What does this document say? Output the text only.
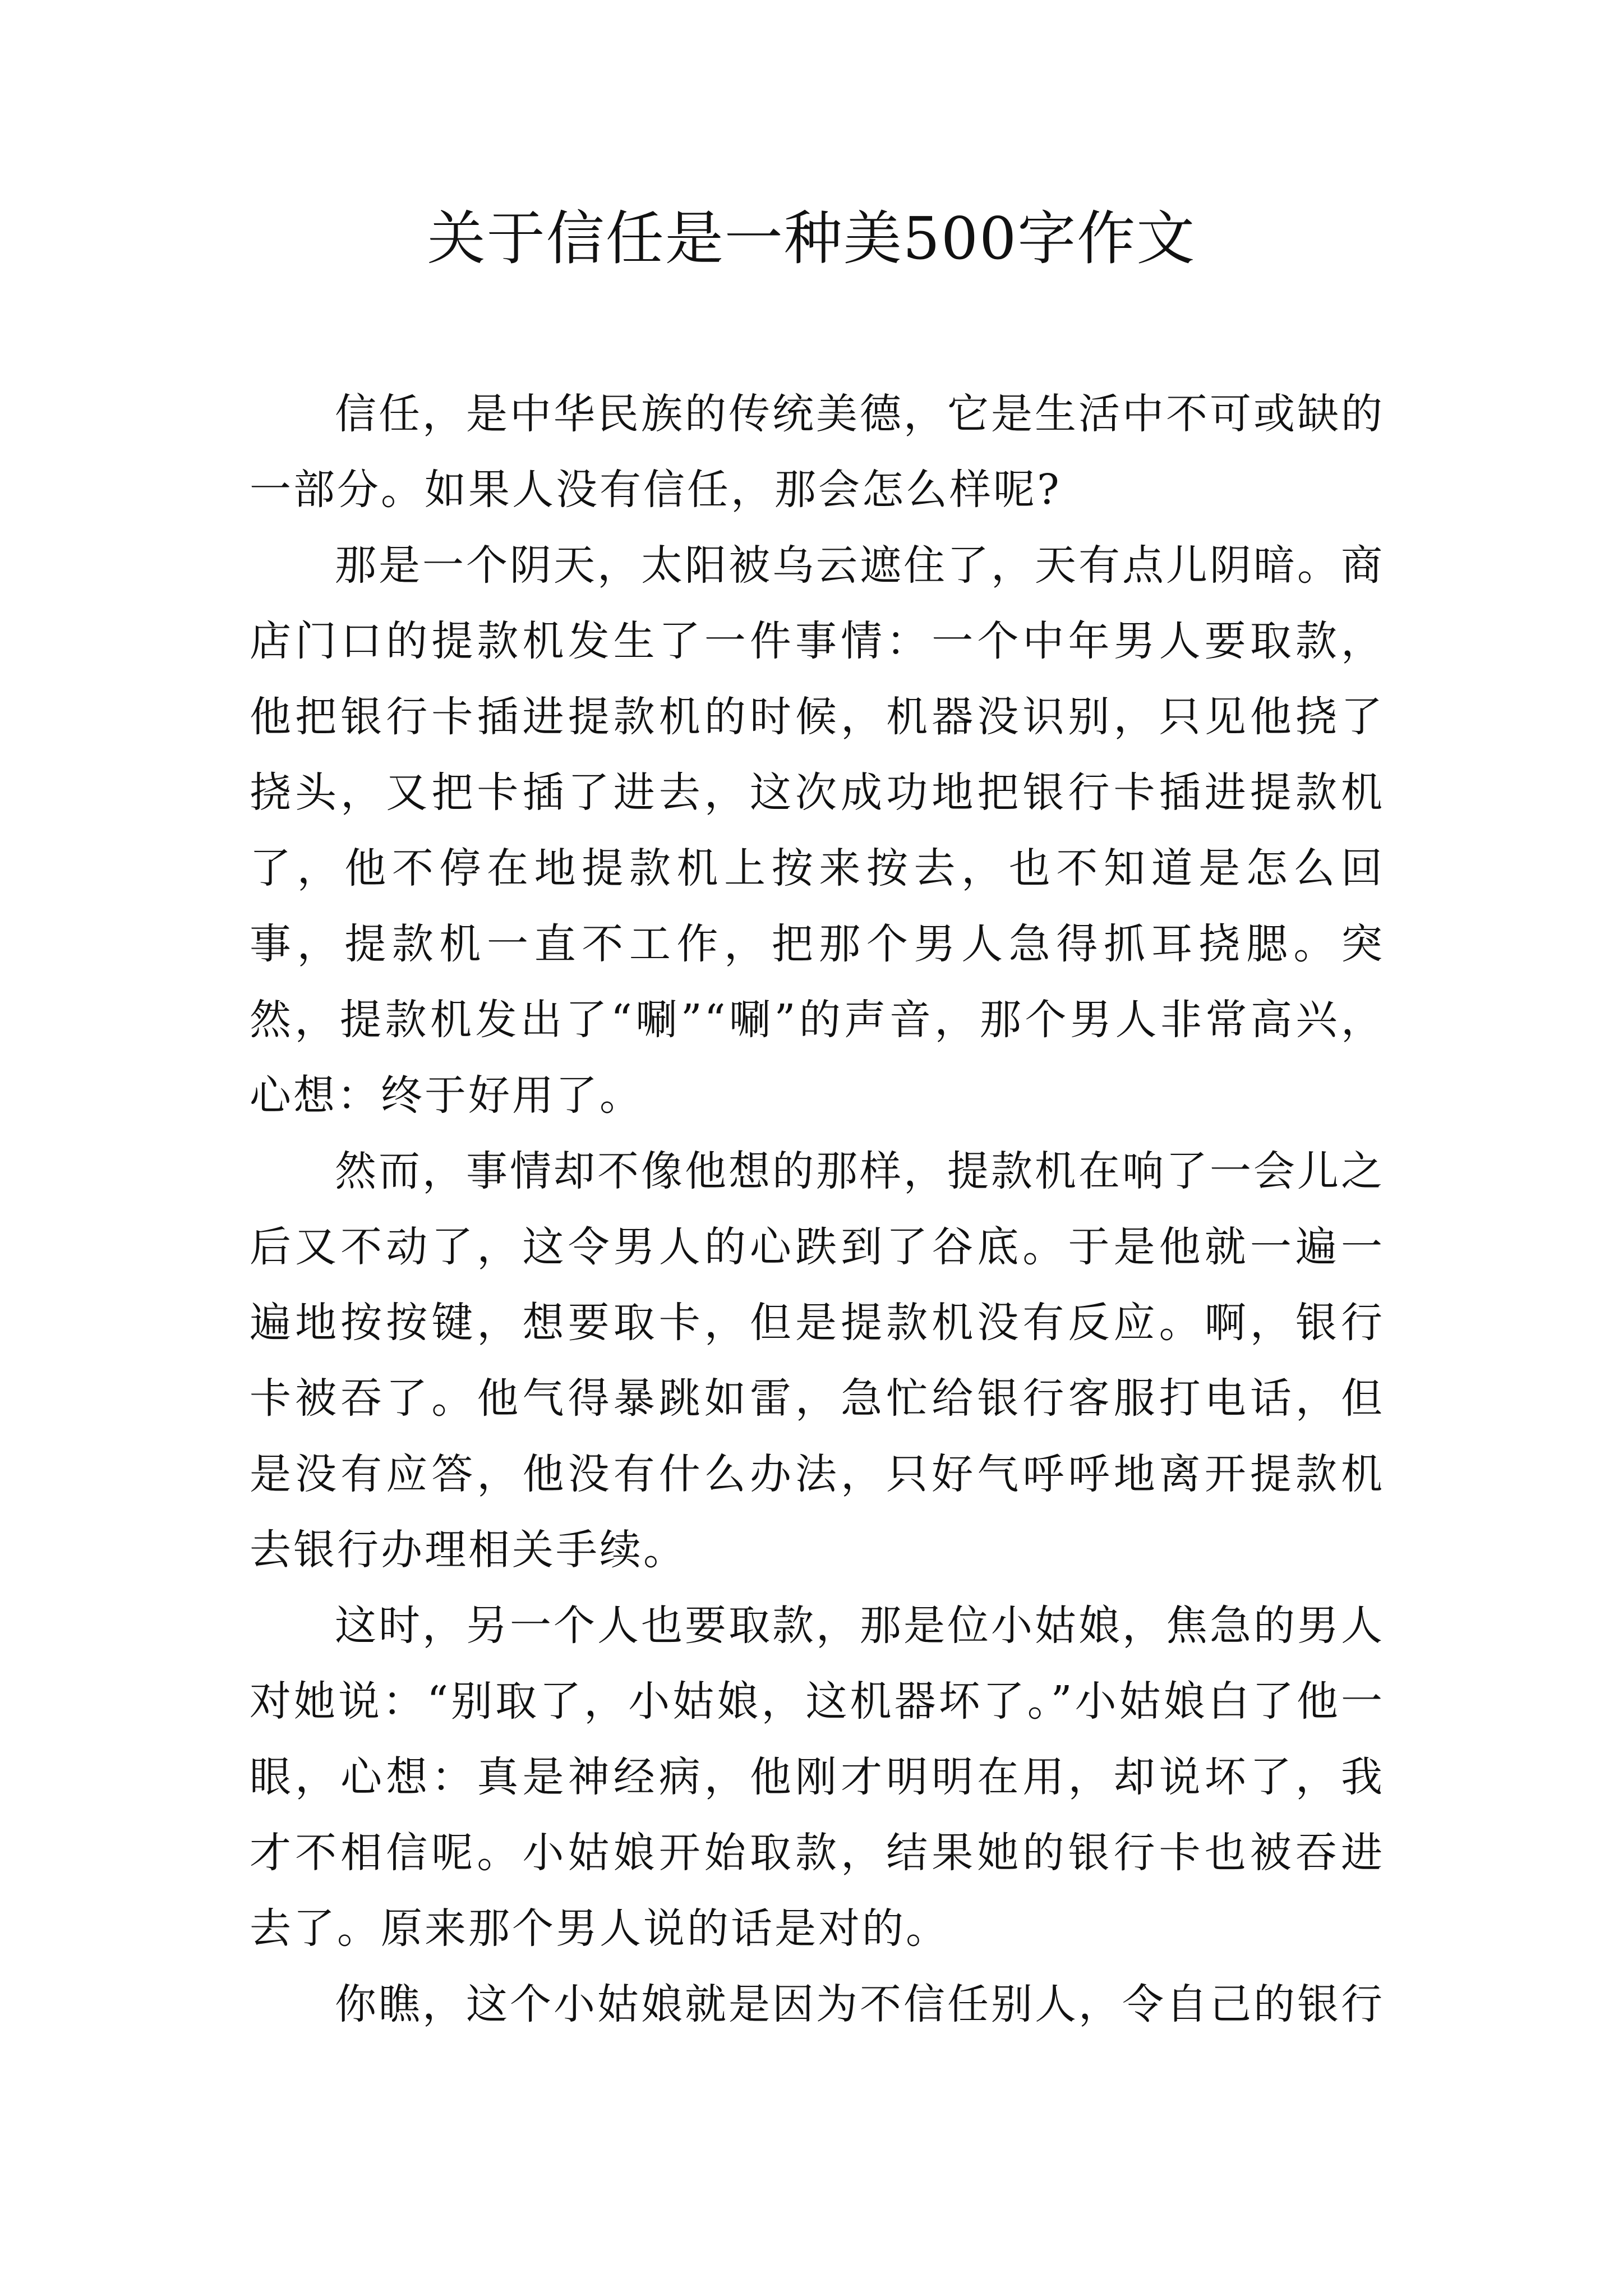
关于信任是一种美500字作文

信任，是中华民族的传统美德，它是生活中不可或缺的一部分。如果人没有信任，那会怎么样呢?

那是一个阴天，太阳被乌云遮住了，天有点儿阴暗。商店门口的提款机发生了一件事情：一个中年男人要取款，他把银行卡插进提款机的时候，机器没识别，只见他挠了挠头，又把卡插了进去，这次成功地把银行卡插进提款机了，他不停在地提款机上按来按去，也不知道是怎么回事，提款机一直不工作，把那个男人急得抓耳挠腮。突然，提款机发出了“唰”“唰”的声音，那个男人非常高兴，心想：终于好用了。

然而，事情却不像他想的那样，提款机在响了一会儿之后又不动了，这令男人的心跌到了谷底。于是他就一遍一遍地按按键，想要取卡，但是提款机没有反应。啊，银行卡被吞了。他气得暴跳如雷，急忙给银行客服打电话，但是没有应答，他没有什么办法，只好气呼呼地离开提款机去银行办理相关手续。

这时，另一个人也要取款，那是位小姑娘，焦急的男人对她说：“别取了，小姑娘，这机器坏了。”小姑娘白了他一眼，心想：真是神经病，他刚才明明在用，却说坏了，我才不相信呢。小姑娘开始取款，结果她的银行卡也被吞进去了。原来那个男人说的话是对的。

你瞧，这个小姑娘就是因为不信任别人，令自己的银行
